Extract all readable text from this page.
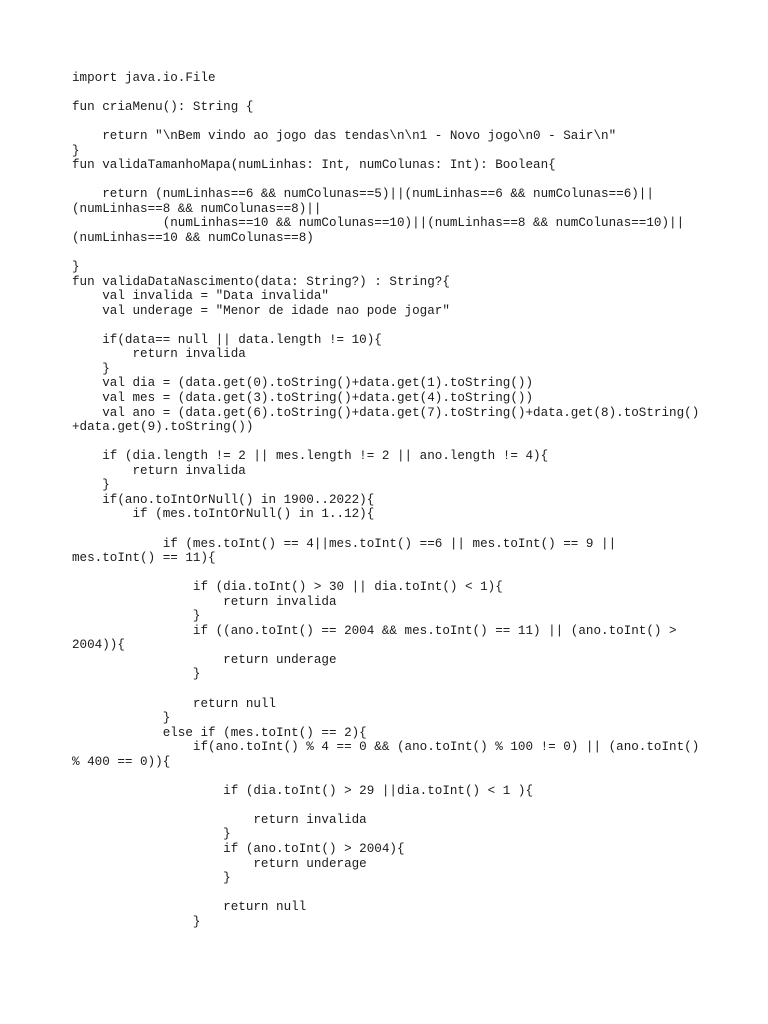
import java.io.File
fun criaMenu(): String {
return "\nBem vindo ao jogo das tendas\n\n1 - Novo jogo\n0 - Sair\n"
}
fun validaTamanhoMapa(numLinhas: Int, numColunas: Int): Boolean{
return (numLinhas==6 && numColunas==5)||(numLinhas==6 && numColunas==6)||
(numLinhas==8 && numColunas==8)||
(numLinhas==10 && numColunas==10)||(numLinhas==8 && numColunas==10)||
(numLinhas==10 && numColunas==8)
}
fun validaDataNascimento(data: String?) : String?{
val invalida = "Data invalida"
val underage = "Menor de idade nao pode jogar"
if(data== null || data.length != 10){
return invalida
}
val dia = (data.get(0).toString()+data.get(1).toString())
val mes = (data.get(3).toString()+data.get(4).toString())
val ano = (data.get(6).toString()+data.get(7).toString()+data.get(8).toString()
+data.get(9).toString())
if (dia.length != 2 || mes.length != 2 || ano.length != 4){
return invalida
}
if(ano.toIntOrNull() in 1900..2022){
if (mes.toIntOrNull() in 1..12){
if (mes.toInt() == 4||mes.toInt() ==6 || mes.toInt() == 9 ||
mes.toInt() == 11){
if (dia.toInt() > 30 || dia.toInt() < 1){
return invalida
}
if ((ano.toInt() == 2004 && mes.toInt() == 11) || (ano.toInt() >
2004)){
return underage
}
return null
}
else if (mes.toInt() == 2){
if(ano.toInt() % 4 == 0 && (ano.toInt() % 100 != 0) || (ano.toInt()
% 400 == 0)){
if (dia.toInt() > 29 ||dia.toInt() < 1 ){
return invalida
}
if (ano.toInt() > 2004){
return underage
}
return null
}
